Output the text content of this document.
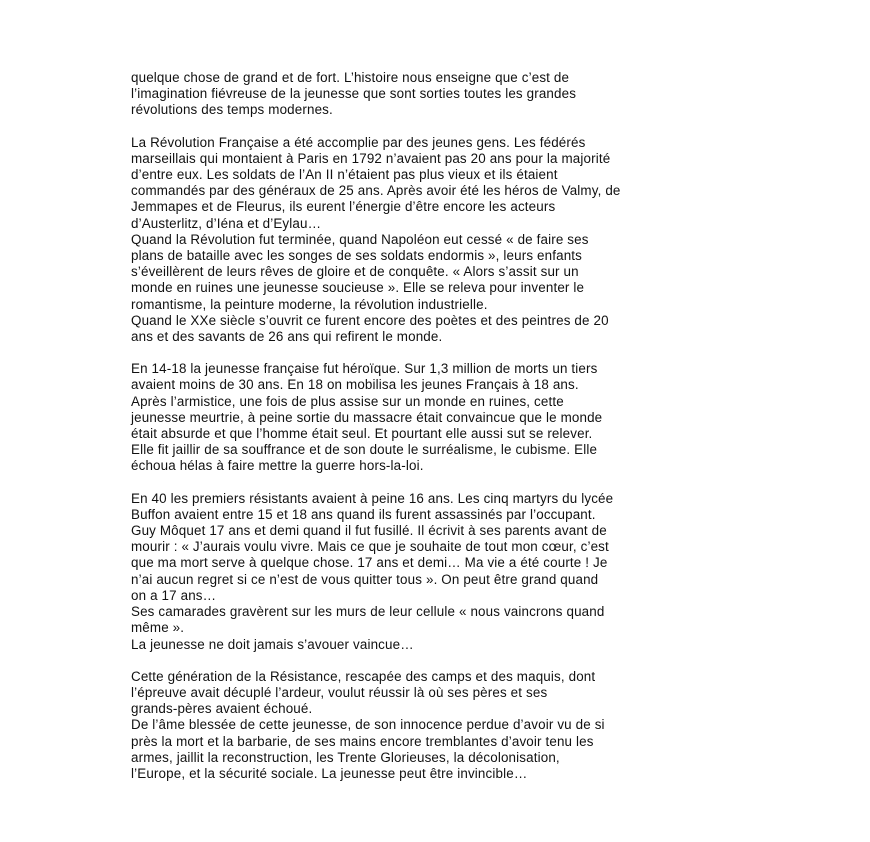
quelque chose de grand et de fort. L’histoire nous enseigne que c’est de
l’imagination fiévreuse de la jeunesse que sont sorties toutes les grandes
révolutions des temps modernes.
La Révolution Française a été accomplie par des jeunes gens. Les fédérés
marseillais qui montaient à Paris en 1792 n’avaient pas 20 ans pour la majorité
d’entre eux. Les soldats de l’An II n’étaient pas plus vieux et ils étaient
commandés par des généraux de 25 ans. Après avoir été les héros de Valmy, de
Jemmapes et de Fleurus, ils eurent l’énergie d’être encore les acteurs
d’Austerlitz, d’Iéna et d’Eylau…
Quand la Révolution fut terminée, quand Napoléon eut cessé « de faire ses
plans de bataille avec les songes de ses soldats endormis », leurs enfants
s’éveillèrent de leurs rêves de gloire et de conquête. « Alors s’assit sur un
monde en ruines une jeunesse soucieuse ». Elle se releva pour inventer le
romantisme, la peinture moderne, la révolution industrielle.
Quand le XXe siècle s’ouvrit ce furent encore des poètes et des peintres de 20
ans et des savants de 26 ans qui refirent le monde.
En 14-18 la jeunesse française fut héroïque. Sur 1,3 million de morts un tiers
avaient moins de 30 ans. En 18 on mobilisa les jeunes Français à 18 ans.
Après l’armistice, une fois de plus assise sur un monde en ruines, cette
jeunesse meurtrie, à peine sortie du massacre était convaincue que le monde
était absurde et que l’homme était seul. Et pourtant elle aussi sut se relever.
Elle fit jaillir de sa souffrance et de son doute le surréalisme, le cubisme. Elle
échoua hélas à faire mettre la guerre hors-la-loi.
En 40 les premiers résistants avaient à peine 16 ans. Les cinq martyrs du lycée
Buffon avaient entre 15 et 18 ans quand ils furent assassinés par l’occupant.
Guy Môquet 17 ans et demi quand il fut fusillé. Il écrivit à ses parents avant de
mourir : « J’aurais voulu vivre. Mais ce que je souhaite de tout mon cœur, c’est
que ma mort serve à quelque chose. 17 ans et demi… Ma vie a été courte ! Je
n’ai aucun regret si ce n’est de vous quitter tous ». On peut être grand quand
on a 17 ans…
Ses camarades gravèrent sur les murs de leur cellule « nous vaincrons quand
même ».
La jeunesse ne doit jamais s’avouer vaincue…
Cette génération de la Résistance, rescapée des camps et des maquis, dont
l’épreuve avait décuplé l’ardeur, voulut réussir là où ses pères et ses
grands-pères avaient échoué.
De l’âme blessée de cette jeunesse, de son innocence perdue d’avoir vu de si
près la mort et la barbarie, de ses mains encore tremblantes d’avoir tenu les
armes, jaillit la reconstruction, les Trente Glorieuses, la décolonisation,
l’Europe, et la sécurité sociale. La jeunesse peut être invincible…
